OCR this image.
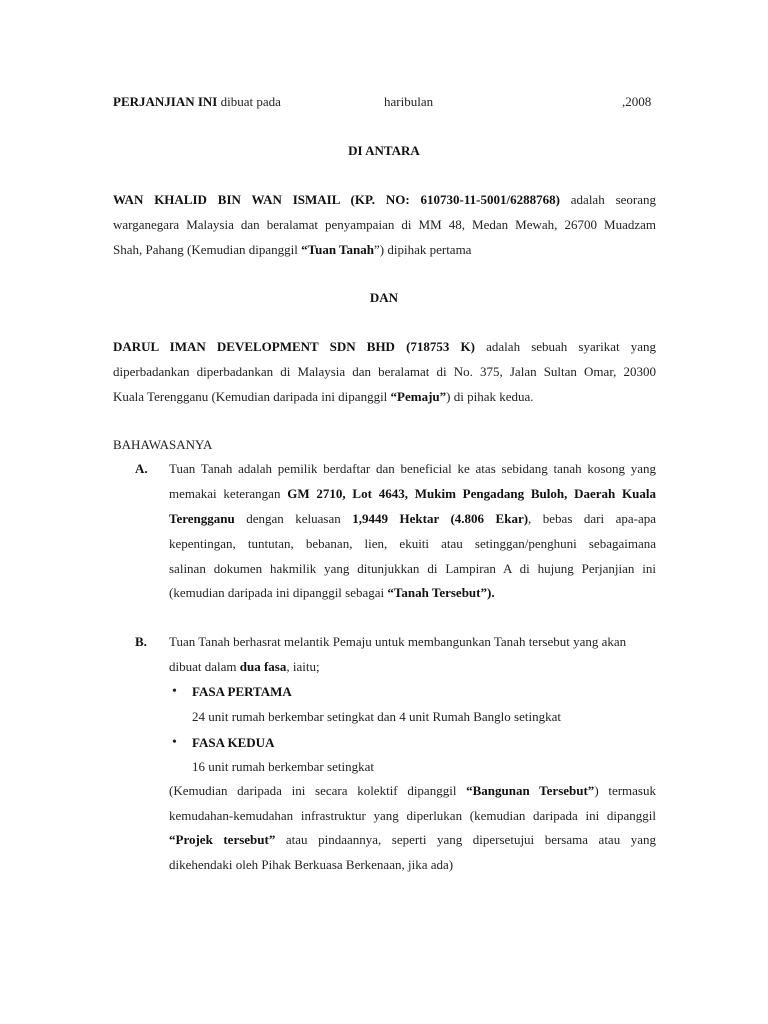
PERJANJIAN INI dibuat pada	haribulan	,2008
DI ANTARA
WAN KHALID BIN WAN ISMAIL (KP. NO: 610730-11-5001/6288768) adalah seorang
warganegara Malaysia dan beralamat penyampaian di MM 48, Medan Mewah, 26700 Muadzam
Shah, Pahang (Kemudian dipanggil “Tuan Tanah”) dipihak pertama
DAN
DARUL IMAN DEVELOPMENT SDN BHD (718753 K) adalah sebuah syarikat yang
diperbadankan diperbadankan di Malaysia dan beralamat di No. 375, Jalan Sultan Omar, 20300
Kuala Terengganu (Kemudian daripada ini dipanggil “Pemaju”) di pihak kedua.
BAHAWASANYA
A. Tuan Tanah adalah pemilik berdaftar dan beneficial ke atas sebidang tanah kosong yang
memakai keterangan GM 2710, Lot 4643, Mukim Pengadang Buloh, Daerah Kuala
Terengganu dengan keluasan 1,9449 Hektar (4.806 Ekar), bebas dari apa-apa
kepentingan, tuntutan, bebanan, lien, ekuiti atau setinggan/penghuni sebagaimana
salinan dokumen hakmilik yang ditunjukkan di Lampiran A di hujung Perjanjian ini
(kemudian daripada ini dipanggil sebagai “Tanah Tersebut”).
B. Tuan Tanah berhasrat melantik Pemaju untuk membangunkan Tanah tersebut yang akan
dibuat dalam dua fasa, iaitu;
• FASA PERTAMA
24 unit rumah berkembar setingkat dan 4 unit Rumah Banglo setingkat
• FASA KEDUA
16 unit rumah berkembar setingkat
(Kemudian daripada ini secara kolektif dipanggil “Bangunan Tersebut”) termasuk
kemudahan-kemudahan infrastruktur yang diperlukan (kemudian daripada ini dipanggil
“Projek tersebut” atau pindaannya, seperti yang dipersetujui bersama atau yang
dikehendaki oleh Pihak Berkuasa Berkenaan, jika ada)
